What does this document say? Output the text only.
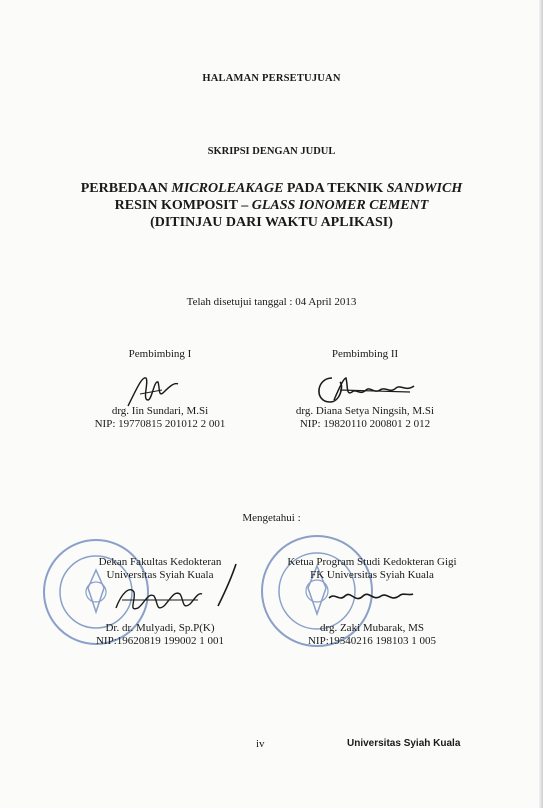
HALAMAN PERSETUJUAN
SKRIPSI DENGAN JUDUL
PERBEDAAN MICROLEAKAGE PADA TEKNIK SANDWICH
RESIN KOMPOSIT – GLASS IONOMER CEMENT
(DITINJAU DARI WAKTU APLIKASI)
Telah disetujui tanggal : 04 April 2013
Pembimbing I
drg. Iin Sundari, M.Si
NIP: 19770815 201012 2 001
Pembimbing II
drg. Diana Setya Ningsih, M.Si
NIP: 19820110 200801 2 012
Mengetahui :
Dekan Fakultas Kedokteran
Universitas Syiah Kuala
Dr. dr. Mulyadi, Sp.P(K)
NIP:19620819 199002 1 001
Ketua Program Studi Kedokteran Gigi
FK Universitas Syiah Kuala
drg. Zaki Mubarak, MS
NIP:19540216 198103 1 005
iv	Universitas Syiah Kuala
